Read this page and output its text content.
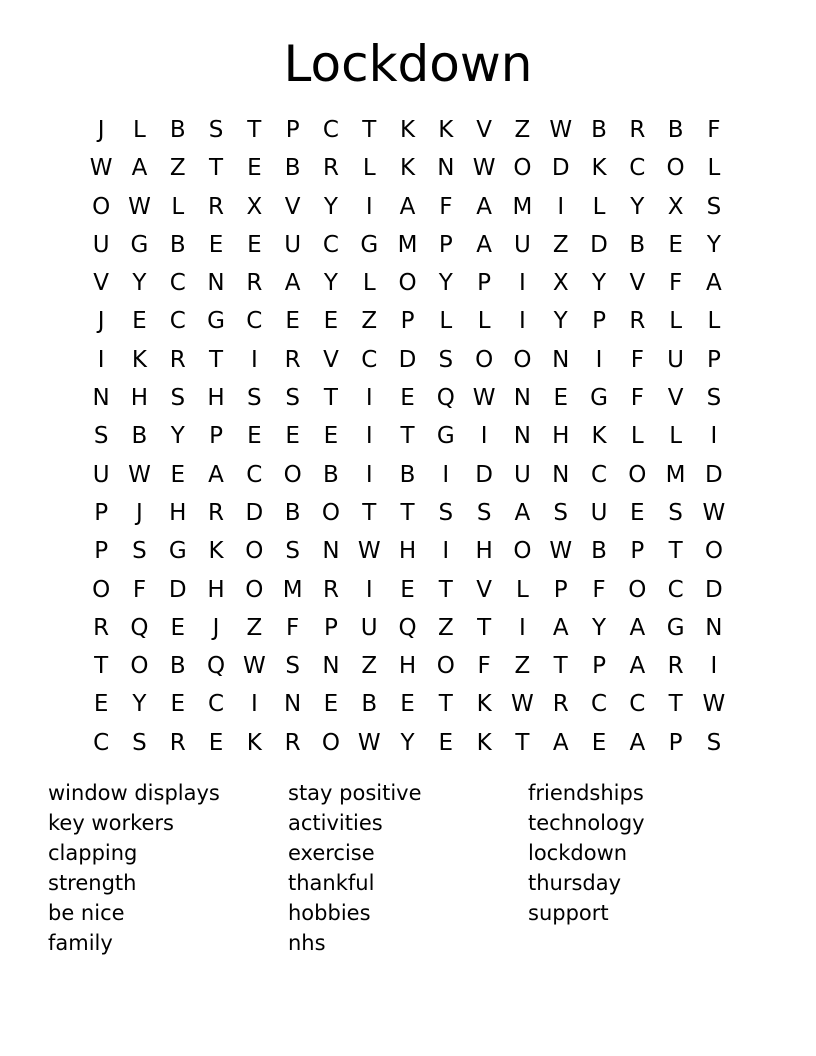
Lockdown
J	L	B	S	T	P	C	T	K	K V Z W B R B	F
W A Z	T	E	B R	L	K N W O D K C O L
O W L	R X V	Y	I	A	F	A M	I	L	Y	X	S
U G B	E	E U C G M P	A U Z D B	E	Y
V	Y	C N R A	Y	L O Y	P	I	X	Y	V	F	A
J	E C G C	E	E	Z	P	L	L	I	Y	P	R	L	L
I	K R	T	I	R V C D S O O N	I	F	U P
N H S H S	S	T	I	E Q W N E G F	V	S
S	B	Y	P	E	E	E	I	T G	I	N H K	L	L	I
U W E	A C O B	I	B	I	D U N C O M D
P	J	H R D B O T	T	S	S	A	S U E	S W
P	S G K O S N W H	I	H O W B	P	T O
O F D H O M R	I	E	T	V	L	P	F O C D
R Q E	J	Z	F	P U Q Z	T	I	A	Y	A G N
T O B Q W S N Z H O F	Z	T	P	A R	I
E	Y	E C	I	N E	B	E	T	K W R C C	T W
C S	R	E	K R O W Y	E	K	T	A	E	A	P	S
window displays
key workers
clapping
strength
be nice
family
stay positive
activities
exercise
thankful
hobbies
nhs
friendships
technology
lockdown
thursday
support
